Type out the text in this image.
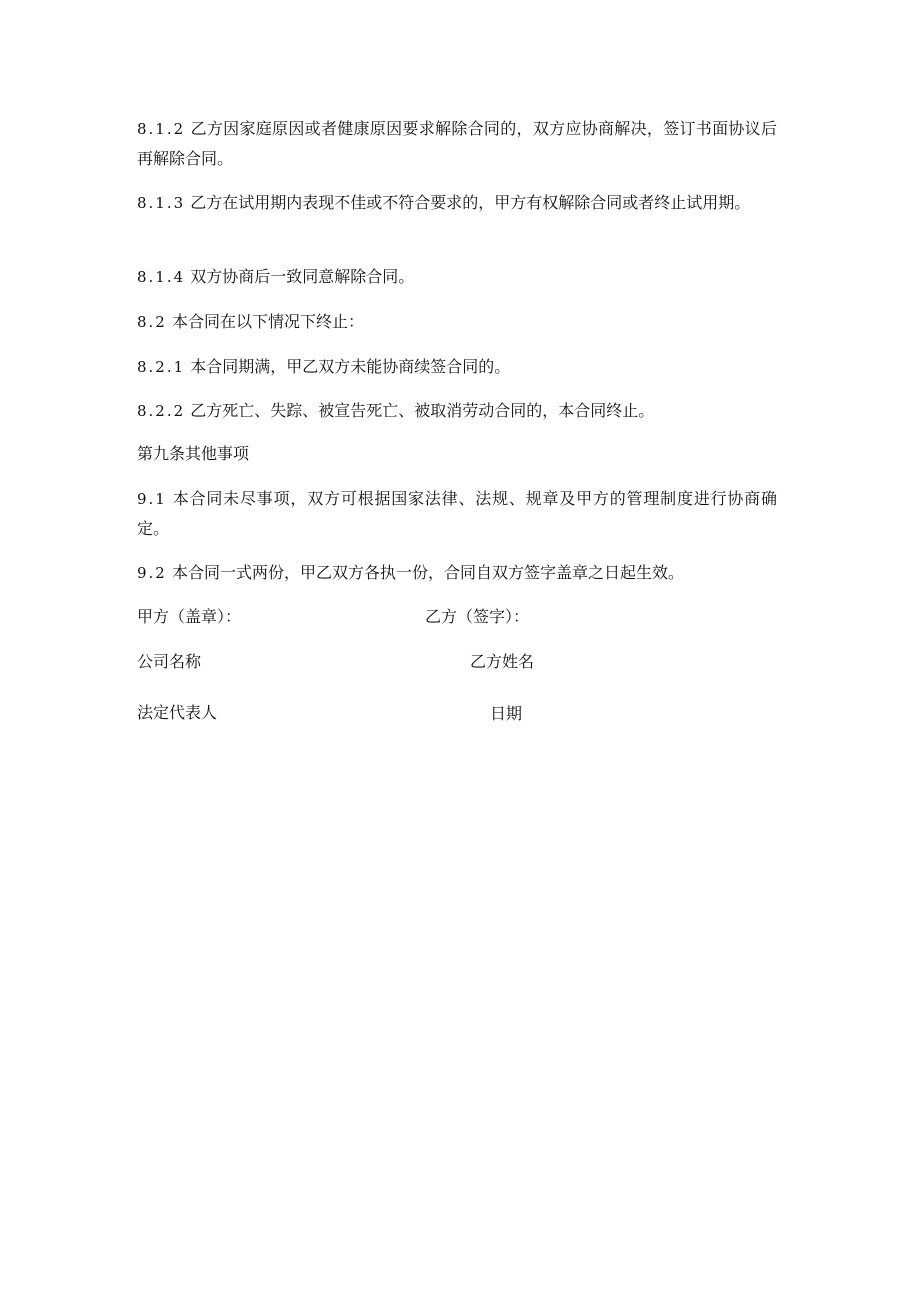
8.1.2 乙方因家庭原因或者健康原因要求解除合同的，双方应协商解决，签订书面协议后再解除合同。

8.1.3 乙方在试用期内表现不佳或不符合要求的，甲方有权解除合同或者终止试用期。

8.1.4 双方协商后一致同意解除合同。

8.2 本合同在以下情况下终止：

8.2.1 本合同期满，甲乙双方未能协商续签合同的。

8.2.2 乙方死亡、失踪、被宣告死亡、被取消劳动合同的，本合同终止。

第九条其他事项

9.1 本合同未尽事项，双方可根据国家法律、法规、规章及甲方的管理制度进行协商确定。

9.2 本合同一式两份，甲乙双方各执一份，合同自双方签字盖章之日起生效。

甲方（盖章）：	乙方（签字）：
公司名称	乙方姓名
法定代表人	日期
